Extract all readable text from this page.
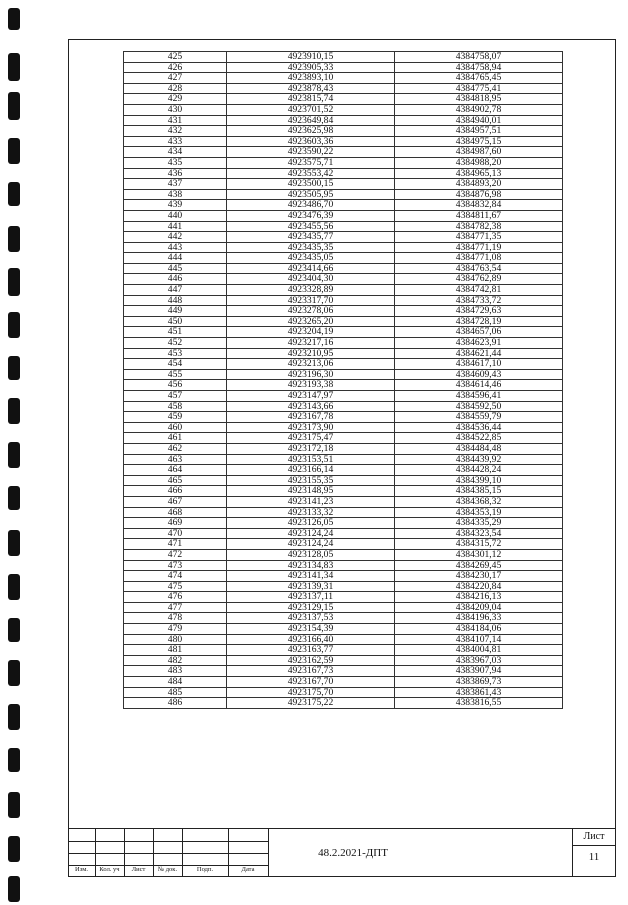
425	4923910,15	4384758,07
426	4923905,33	4384758,94
427	4923893,10	4384765,45
428	4923878,43	4384775,41
429	4923815,74	4384818,95
430	4923701,52	4384902,78
431	4923649,84	4384940,01
432	4923625,98	4384957,51
433	4923603,36	4384975,15
434	4923590,22	4384987,60
435	4923575,71	4384988,20
436	4923553,42	4384965,13
437	4923500,15	4384893,20
438	4923505,95	4384876,98
439	4923486,70	4384832,84
440	4923476,39	4384811,67
441	4923455,56	4384782,38
442	4923435,77	4384771,35
443	4923435,35	4384771,19
444	4923435,05	4384771,08
445	4923414,66	4384763,54
446	4923404,30	4384762,89
447	4923328,89	4384742,81
448	4923317,70	4384733,72
449	4923278,06	4384729,63
450	4923265,20	4384728,19
451	4923204,19	4384657,06
452	4923217,16	4384623,91
453	4923210,95	4384621,44
454	4923213,06	4384617,10
455	4923196,30	4384609,43
456	4923193,38	4384614,46
457	4923147,97	4384596,41
458	4923143,66	4384592,50
459	4923167,78	4384559,79
460	4923173,90	4384536,44
461	4923175,47	4384522,85
462	4923172,18	4384484,48
463	4923153,51	4384439,92
464	4923166,14	4384428,24
465	4923155,35	4384399,10
466	4923148,95	4384385,15
467	4923141,23	4384368,32
468	4923133,32	4384353,19
469	4923126,05	4384335,29
470	4923124,24	4384323,54
471	4923124,24	4384315,72
472	4923128,05	4384301,12
473	4923134,83	4384269,45
474	4923141,34	4384230,17
475	4923139,31	4384220,84
476	4923137,11	4384216,13
477	4923129,15	4384209,04
478	4923137,53	4384196,33
479	4923154,39	4384184,06
480	4923166,40	4384107,14
481	4923163,77	4384004,81
482	4923162,59	4383967,03
483	4923167,73	4383907,94
484	4923167,70	4383869,73
485	4923175,70	4383861,43
486	4923175,22	4383816,55
Изм.	Кол. уч	Лист	№ док.	Подп.	Дата
48.2.2021-ДПТ
Лист
11
